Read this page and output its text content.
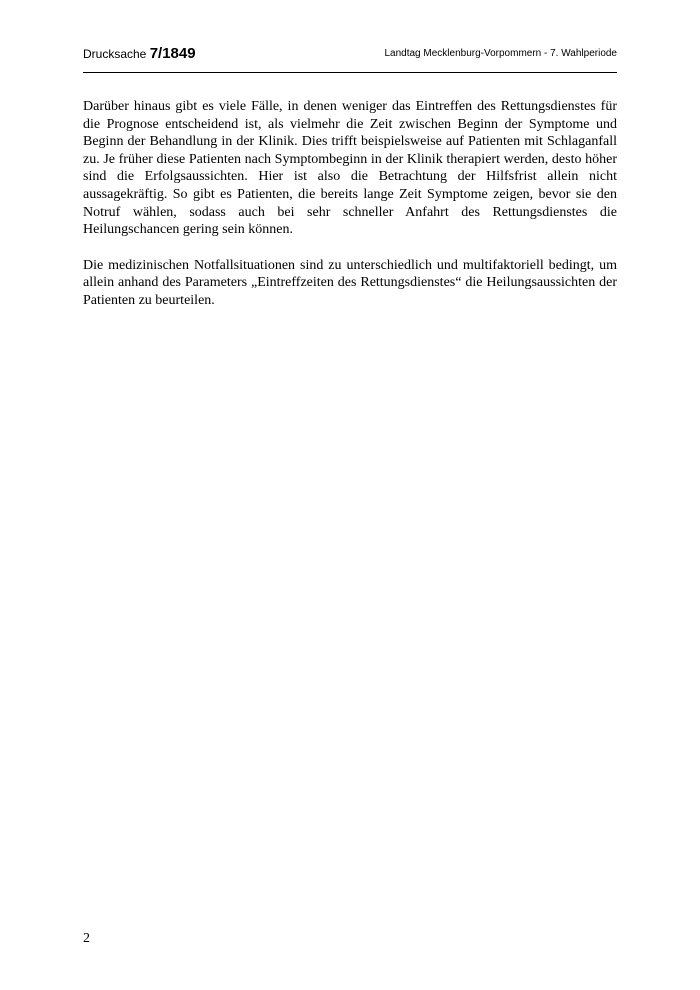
Drucksache 7/1849	Landtag Mecklenburg-Vorpommern - 7. Wahlperiode

Darüber hinaus gibt es viele Fälle, in denen weniger das Eintreffen des Rettungsdienstes für die Prognose entscheidend ist, als vielmehr die Zeit zwischen Beginn der Symptome und Beginn der Behandlung in der Klinik. Dies trifft beispielsweise auf Patienten mit Schlaganfall zu. Je früher diese Patienten nach Symptombeginn in der Klinik therapiert werden, desto höher sind die Erfolgsaussichten. Hier ist also die Betrachtung der Hilfsfrist allein nicht aussagekräftig. So gibt es Patienten, die bereits lange Zeit Symptome zeigen, bevor sie den Notruf wählen, sodass auch bei sehr schneller Anfahrt des Rettungsdienstes die Heilungschancen gering sein können.

Die medizinischen Notfallsituationen sind zu unterschiedlich und multifaktoriell bedingt, um allein anhand des Parameters „Eintreffzeiten des Rettungsdienstes“ die Heilungsaussichten der Patienten zu beurteilen.

2
